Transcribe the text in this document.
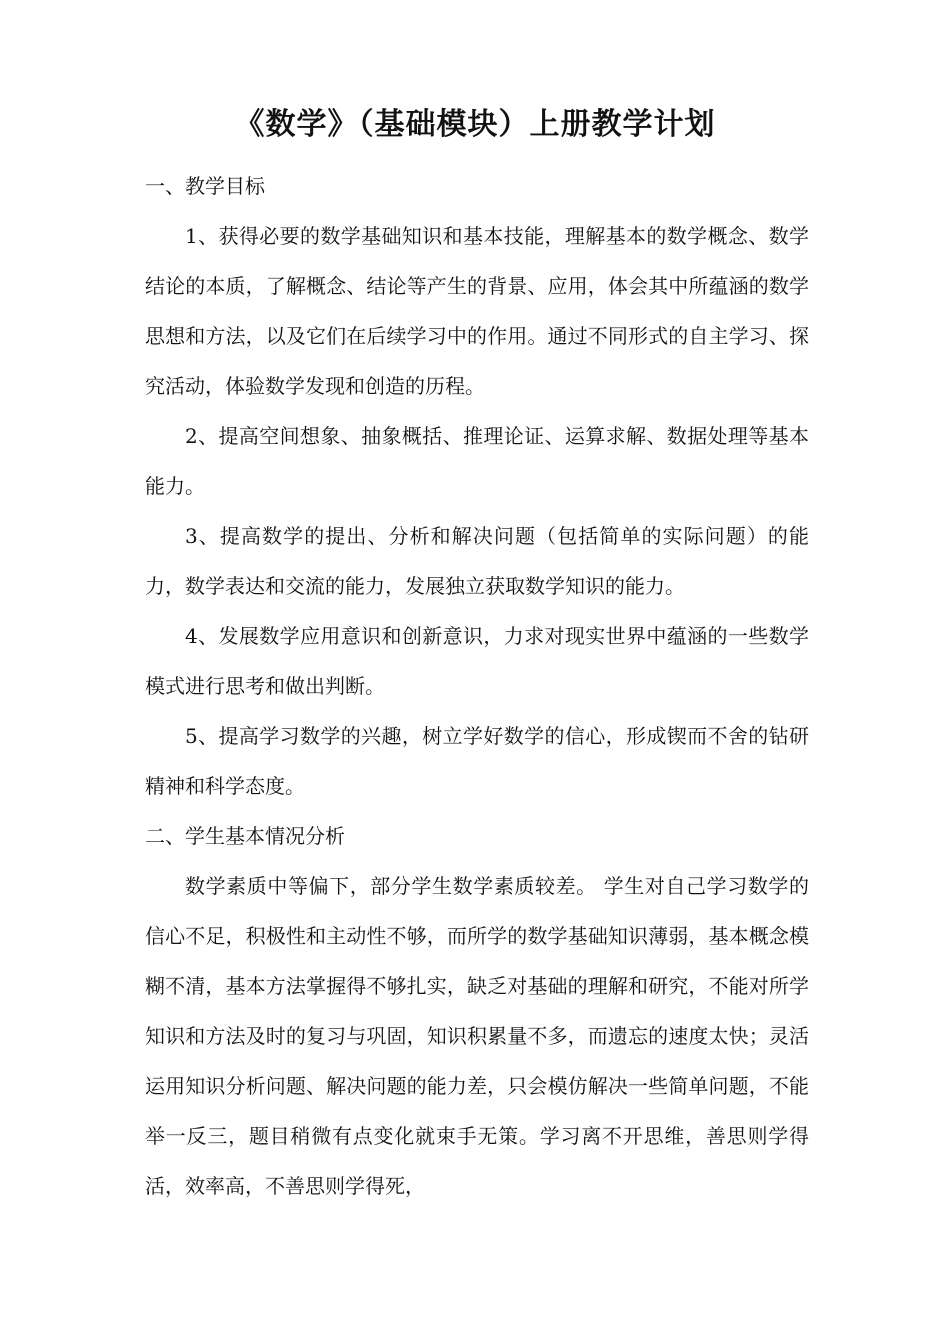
《数学》（基础模块）上册教学计划

一、教学目标

1、获得必要的数学基础知识和基本技能，理解基本的数学概念、数学结论的本质，了解概念、结论等产生的背景、应用，体会其中所蕴涵的数学思想和方法，以及它们在后续学习中的作用。通过不同形式的自主学习、探究活动，体验数学发现和创造的历程。

2、提高空间想象、抽象概括、推理论证、运算求解、数据处理等基本能力。

3、提高数学的提出、分析和解决问题（包括简单的实际问题）的能力，数学表达和交流的能力，发展独立获取数学知识的能力。

4、发展数学应用意识和创新意识，力求对现实世界中蕴涵的一些数学模式进行思考和做出判断。

5、提高学习数学的兴趣，树立学好数学的信心，形成锲而不舍的钻研精神和科学态度。

二、学生基本情况分析

数学素质中等偏下，部分学生数学素质较差。 学生对自己学习数学的信心不足，积极性和主动性不够，而所学的数学基础知识薄弱，基本概念模糊不清，基本方法掌握得不够扎实，缺乏对基础的理解和研究，不能对所学知识和方法及时的复习与巩固，知识积累量不多，而遗忘的速度太快；灵活运用知识分析问题、解决问题的能力差，只会模仿解决一些简单问题，不能举一反三，题目稍微有点变化就束手无策。学习离不开思维，善思则学得活，效率高，不善思则学得死，
